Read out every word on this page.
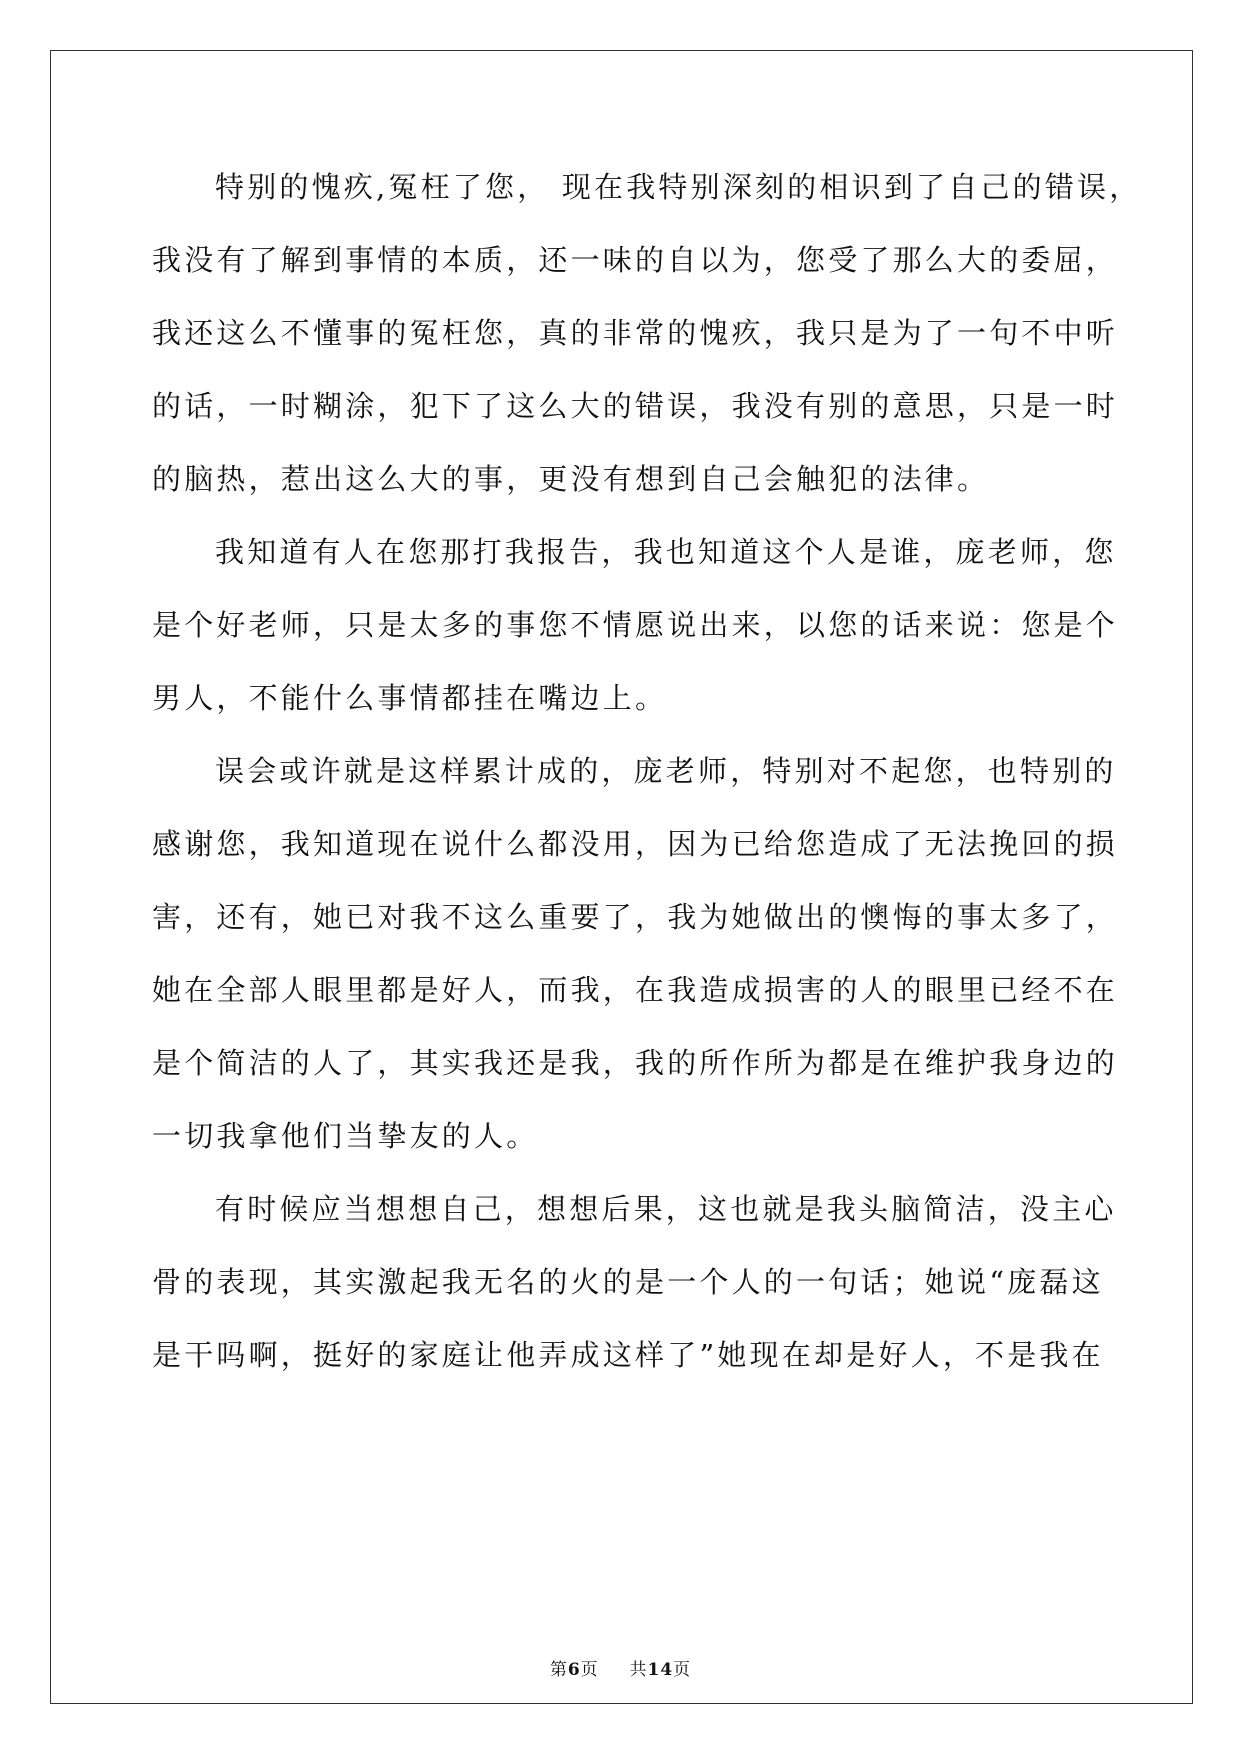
特别的愧疚,冤枉了您， 现在我特别深刻的相识到了自己的错误，
我没有了解到事情的本质，还一味的自以为，您受了那么大的委屈，
我还这么不懂事的冤枉您，真的非常的愧疚，我只是为了一句不中听
的话，一时糊涂，犯下了这么大的错误，我没有别的意思，只是一时
的脑热，惹出这么大的事，更没有想到自己会触犯的法律。
我知道有人在您那打我报告，我也知道这个人是谁，庞老师，您
是个好老师，只是太多的事您不情愿说出来，以您的话来说：您是个
男人，不能什么事情都挂在嘴边上。
误会或许就是这样累计成的，庞老师，特别对不起您，也特别的
感谢您，我知道现在说什么都没用，因为已给您造成了无法挽回的损
害，还有，她已对我不这么重要了，我为她做出的懊悔的事太多了，
她在全部人眼里都是好人，而我，在我造成损害的人的眼里已经不在
是个简洁的人了，其实我还是我，我的所作所为都是在维护我身边的
一切我拿他们当挚友的人。
有时候应当想想自己，想想后果，这也就是我头脑简洁，没主心
骨的表现，其实激起我无名的火的是一个人的一句话；她说“庞磊这
是干吗啊，挺好的家庭让他弄成这样了”她现在却是好人，不是我在
第6页 共14页
